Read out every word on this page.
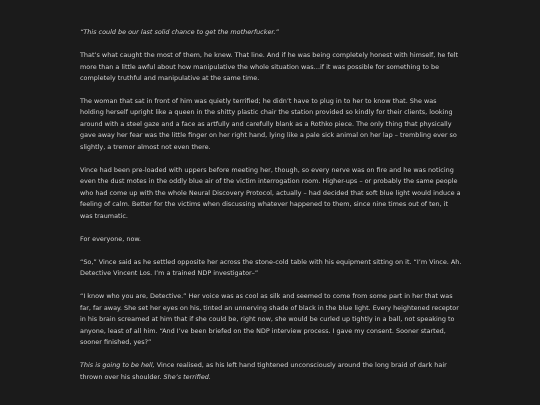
“This could be our last solid chance to get the motherfucker.”

That’s what caught the most of them, he knew. That line. And if he was being completely honest with himself, he felt more than a little awful about how manipulative the whole situation was…if it was possible for something to be completely truthful and manipulative at the same time.

The woman that sat in front of him was quietly terrified; he didn’t have to plug in to her to know that. She was holding herself upright like a queen in the shitty plastic chair the station provided so kindly for their clients, looking around with a steel gaze and a face as artfully and carefully blank as a Rothko piece. The only thing that physically gave away her fear was the little finger on her right hand, lying like a pale sick animal on her lap – trembling ever so slightly, a tremor almost not even there.

Vince had been pre-loaded with uppers before meeting her, though, so every nerve was on fire and he was noticing even the dust motes in the oddly blue air of the victim interrogation room. Higher-ups – or probably the same people who had come up with the whole Neural Discovery Protocol, actually – had decided that soft blue light would induce a feeling of calm. Better for the victims when discussing whatever happened to them, since nine times out of ten, it was traumatic.

For everyone, now.

“So,” Vince said as he settled opposite her across the stone-cold table with his equipment sitting on it. “I’m Vince. Ah. Detective Vincent Los. I’m a trained NDP investigator–”

“I know who you are, Detective.” Her voice was as cool as silk and seemed to come from some part in her that was far, far away. She set her eyes on his, tinted an unnerving shade of black in the blue light. Every heightened receptor in his brain screamed at him that if she could be, right now, she would be curled up tightly in a ball, not speaking to anyone, least of all him. “And I’ve been briefed on the NDP interview process. I gave my consent. Sooner started, sooner finished, yes?”

This is going to be hell, Vince realised, as his left hand tightened unconsciously around the long braid of dark hair thrown over his shoulder. She’s terrified.
